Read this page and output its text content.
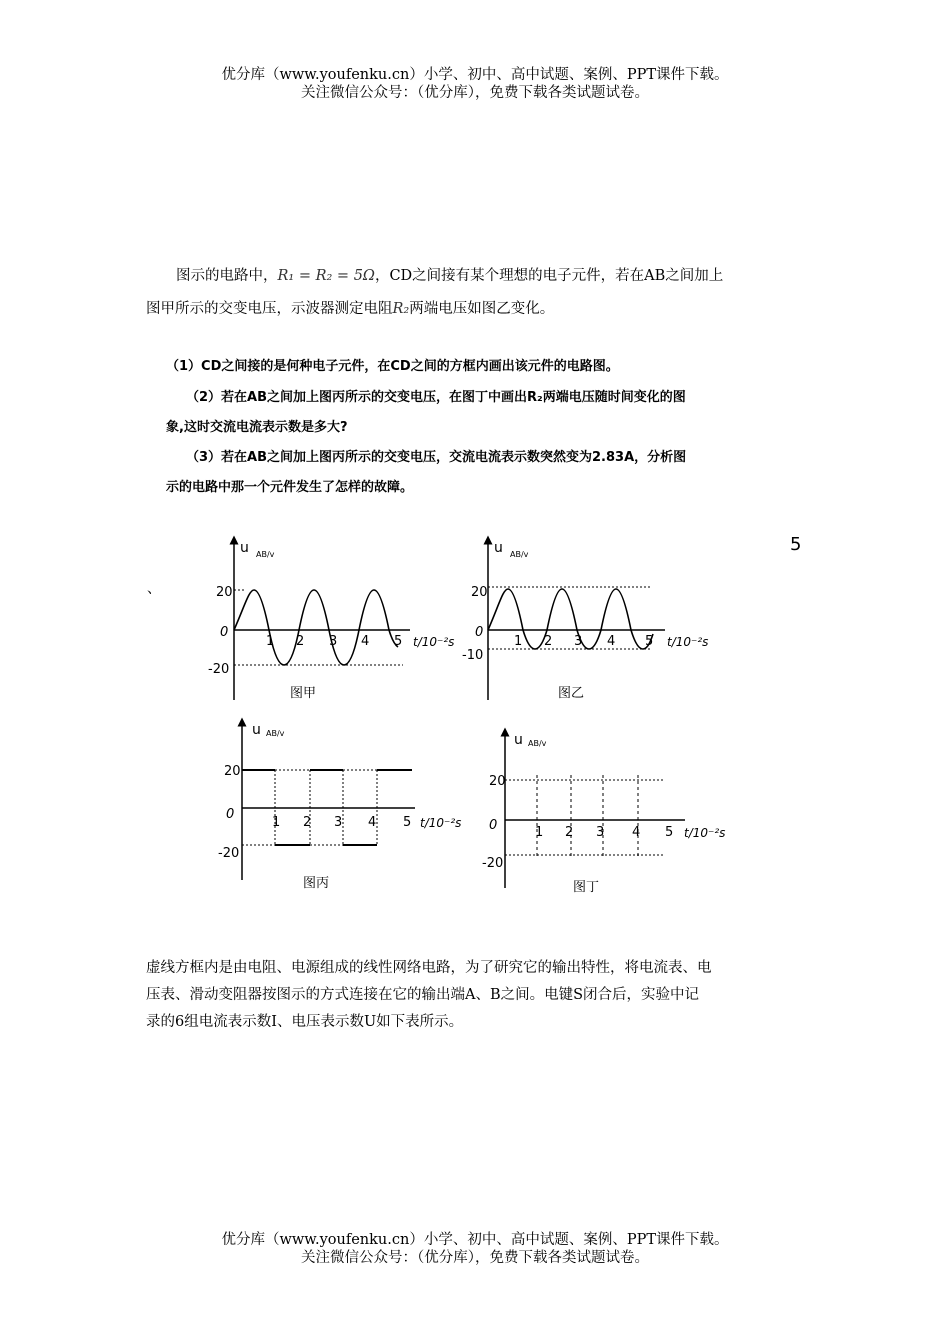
优分库（www.youfenku.cn）小学、初中、高中试题、案例、PPT课件下载。
关注微信公众号：（优分库），免费下载各类试题试卷。
图示的电路中，R₁ = R₂ = 5Ω，CD之间接有某个理想的电子元件，若在AB之间加上
图甲所示的交变电压，示波器测定电阻R₂两端电压如图乙变化。
（1）CD之间接的是何种电子元件，在CD之间的方框内画出该元件的电路图。
（2）若在AB之间加上图丙所示的交变电压，在图丁中画出R₂两端电压随时间变化的图
象,这时交流电流表示数是多大?
（3）若在AB之间加上图丙所示的交变电压，交流电流表示数突然变为2.83A，分析图
示的电路中那一个元件发生了怎样的故障。
5
、
u AB/v
20
0
-20
1 2 3 4 5 t/10⁻²s
图甲
u AB/v
20
0
-10
1 2 3 4 5 t/10⁻²s
图乙
u AB/v
20
0
-20
1 2 3 4 5 t/10⁻²s
图丙
u AB/v
20
0
-20
1 2 3 4 5 t/10⁻²s
图丁
虚线方框内是由电阻、电源组成的线性网络电路，为了研究它的输出特性，将电流表、电
压表、滑动变阻器按图示的方式连接在它的输出端A、B之间。电键S闭合后，实验中记
录的6组电流表示数I、电压表示数U如下表所示。
优分库（www.youfenku.cn）小学、初中、高中试题、案例、PPT课件下载。
关注微信公众号：（优分库），免费下载各类试题试卷。
